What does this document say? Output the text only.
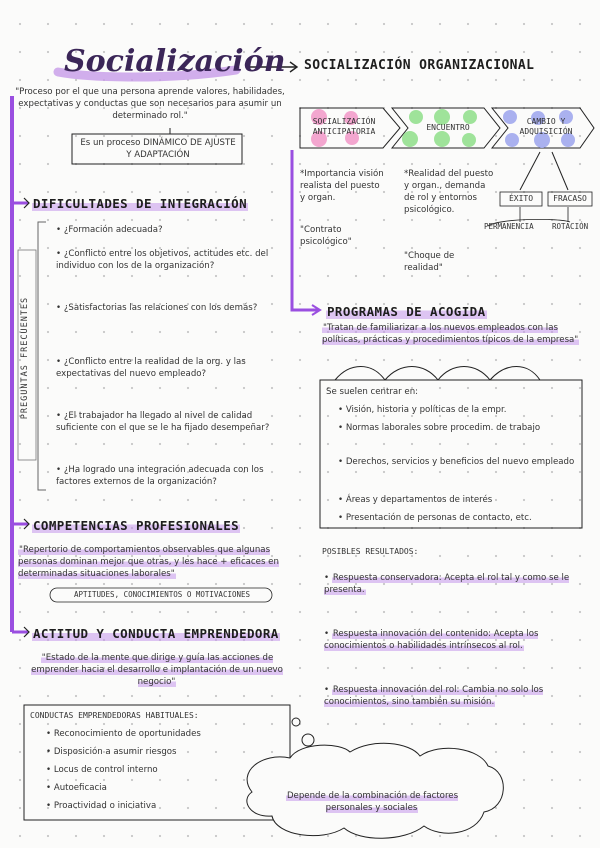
Socialización SOCIALIZACIÓN ORGANIZACIONAL
"Proceso por el que una persona aprende valores, habilidades, expectativas y conductas que son necesarios para asumir un determinado rol."
Es un proceso DINÁMICO DE AJUSTE Y ADAPTACIÓN
SOCIALIZACIÓN ANTICIPATORIA	ENCUENTRO
CAMBIO Y ADQUISICIÓN
*Importancia visión realista del puesto y organ.
"Contrato psicológico"
*Realidad del puesto y organ., demanda de rol y entornos psicológico.
"Choque de realidad"
ÉXITO	FRACASO
PERMANENCIA ROTACIÓN
DIFICULTADES DE INTEGRACIÓN
PREGUNTAS FRECUENTES
• ¿Formación adecuada?
• ¿Conflicto entre los objetivos, actitudes etc. del individuo con los de la organización?
• ¿Satisfactorias las relaciones con los demás?
• ¿Conflicto entre la realidad de la org. y las expectativas del nuevo empleado?
• ¿El trabajador ha llegado al nivel de calidad suficiente con el que se le ha fijado desempeñar?
• ¿Ha logrado una integración adecuada con los factores externos de la organización?
PROGRAMAS DE ACOGIDA
"Tratan de familiarizar a los nuevos empleados con las políticas, prácticas y procedimientos típicos de la empresa"
Se suelen centrar en:
• Visión, historia y políticas de la empr.
• Normas laborales sobre procedim. de trabajo
• Derechos, servicios y beneficios del nuevo empleado
• Áreas y departamentos de interés
• Presentación de personas de contacto, etc.
POSIBLES RESULTADOS:
• Respuesta conservadora: Acepta el rol tal y como se le presenta.
• Respuesta innovación del contenido: Acepta los conocimientos o habilidades intrínsecos al rol.
• Respuesta innovación del rol: Cambia no solo los conocimientos, sino también su misión.
COMPETENCIAS PROFESIONALES
"Repertorio de comportamientos observables que algunas personas dominan mejor que otras, y les hace + eficaces en determinadas situaciones laborales"
APTITUDES, CONOCIMIENTOS O MOTIVACIONES
ACTITUD Y CONDUCTA EMPRENDEDORA
"Estado de la mente que dirige y guía las acciones de emprender hacia el desarrollo e implantación de un nuevo negocio"
CONDUCTAS EMPRENDEDORAS HABITUALES:
• Reconocimiento de oportunidades
• Disposición a asumir riesgos
• Locus de control interno
• Autoeficacia
• Proactividad o iniciativa
Depende de la combinación de factores personales y sociales
